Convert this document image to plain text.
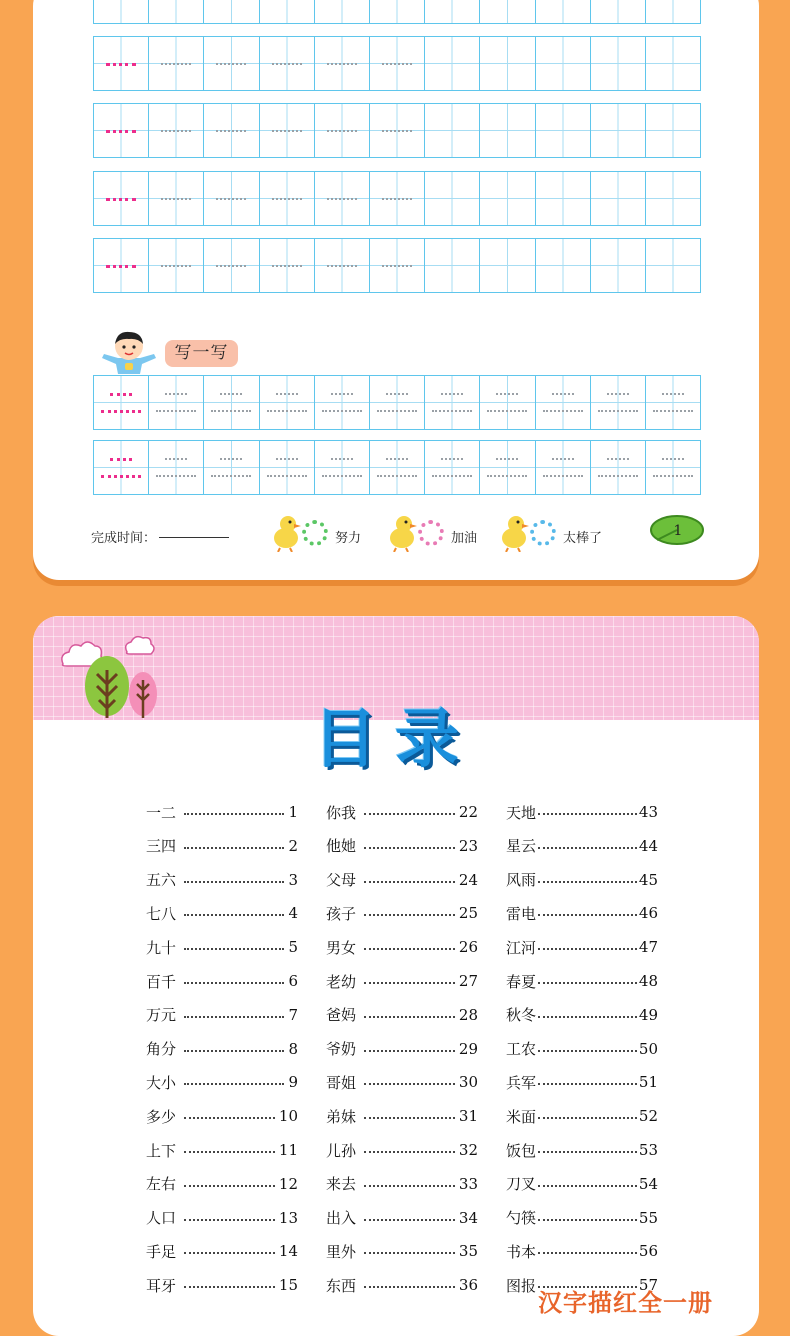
写一写
完成时间：	努力	加油	太棒了	1
目录
一二	1
三四	2
五六	3
七八	4
九十	5
百千	6
万元	7
角分	8
大小	9
多少	10
上下	11
左右	12
人口	13
手足	14
耳牙	15
你我	22
他她	23
父母	24
孩子	25
男女	26
老幼	27
爸妈	28
爷奶	29
哥姐	30
弟妹	31
儿孙	32
来去	33
出入	34
里外	35
东西	36
天地	43
星云	44
风雨	45
雷电	46
江河	47
春夏	48
秋冬	49
工农	50
兵军	51
米面	52
饭包	53
刀叉	54
勺筷	55
书本	56
图报	57
汉字描红全一册
